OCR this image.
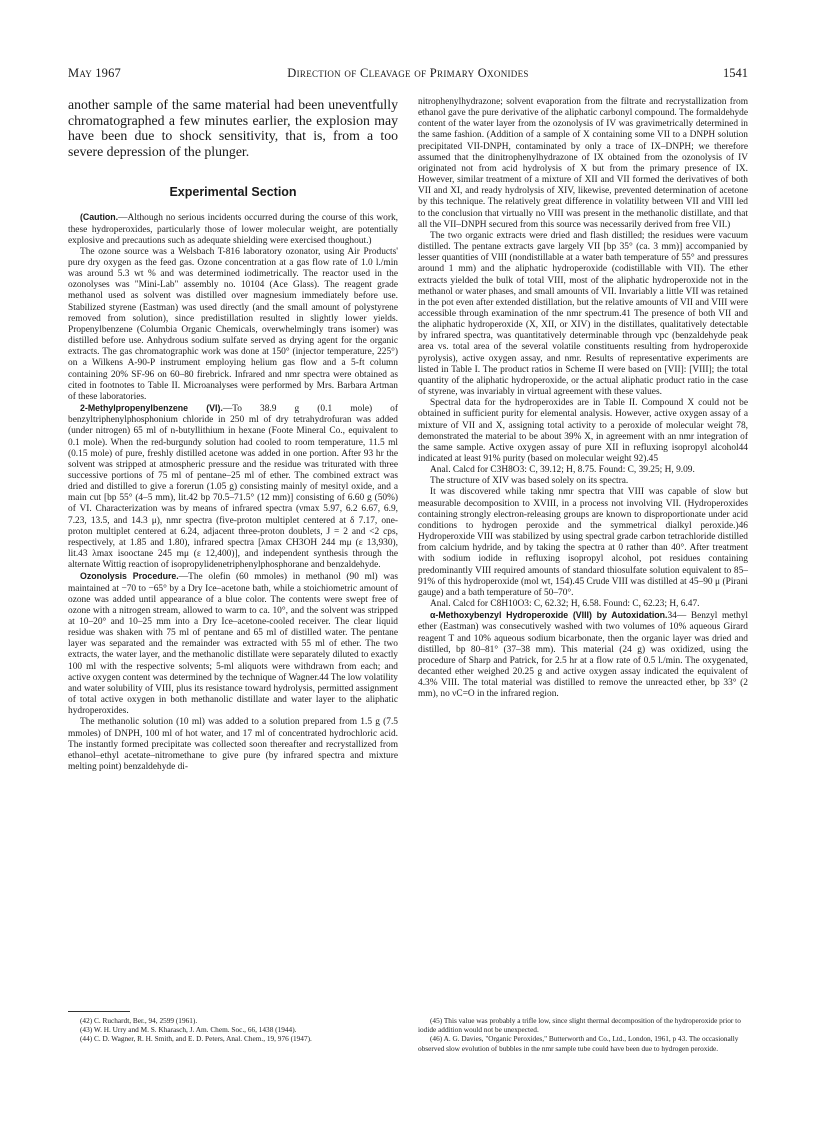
May 1967	Direction of Cleavage of Primary Oxonides	1541

another sample of the same material had been uneventfully chromatographed a few minutes earlier, the explosion may have been due to shock sensitivity, that is, from a too severe depression of the plunger.

Experimental Section

(Caution.—Although no serious incidents occurred during the course of this work, these hydroperoxides, particularly those of lower molecular weight, are potentially explosive and precautions such as adequate shielding were exercised thoughout.)

The ozone source was a Welsbach T-816 laboratory ozonator, using Air Products' pure dry oxygen as the feed gas. Ozone concentration at a gas flow rate of 1.0 l./min was around 5.3 wt % and was determined iodimetrically. The reactor used in the ozonolyses was "Mini-Lab" assembly no. 10104 (Ace Glass). The reagent grade methanol used as solvent was distilled over magnesium immediately before use. Stabilized styrene (Eastman) was used directly (and the small amount of polystyrene removed from solution), since predistillation resulted in slightly lower yields. Propenylbenzene (Columbia Organic Chemicals, overwhelmingly trans isomer) was distilled before use. Anhydrous sodium sulfate served as drying agent for the organic extracts. The gas chromatographic work was done at 150° (injector temperature, 225°) on a Wilkens A-90-P instrument employing helium gas flow and a 5-ft column containing 20% SF-96 on 60–80 firebrick. Infrared and nmr spectra were obtained as cited in footnotes to Table II. Microanalyses were performed by Mrs. Barbara Artman of these laboratories.

2-Methylpropenylbenzene (VI).—To 38.9 g (0.1 mole) of benzyltriphenylphosphonium chloride in 250 ml of dry tetrahydrofuran was added (under nitrogen) 65 ml of n-butyllithium in hexane (Foote Mineral Co., equivalent to 0.1 mole). When the red-burgundy solution had cooled to room temperature, 11.5 ml (0.15 mole) of pure, freshly distilled acetone was added in one portion. After 93 hr the solvent was stripped at atmospheric pressure and the residue was triturated with three successive portions of 75 ml of pentane–25 ml of ether. The combined extract was dried and distilled to give a forerun (1.05 g) consisting mainly of mesityl oxide, and a main cut [bp 55° (4–5 mm), lit.42 bp 70.5–71.5° (12 mm)] consisting of 6.60 g (50%) of VI. Characterization was by means of infrared spectra (νmax 5.97, 6.2 6.67, 6.9, 7.23, 13.5, and 14.3 μ), nmr spectra (five-proton multiplet centered at δ 7.17, one-proton multiplet centered at 6.24, adjacent three-proton doublets, J = 2 and <2 cps, respectively, at 1.85 and 1.80), infrared spectra [λmax CH3OH 244 mμ (ε 13,930), lit.43 λmax isooctane 245 mμ (ε 12,400)], and independent synthesis through the alternate Wittig reaction of isopropylidenetriphenylphosphorane and benzaldehyde.

Ozonolysis Procedure.—The olefin (60 mmoles) in methanol (90 ml) was maintained at −70 to −65° by a Dry Ice–acetone bath, while a stoichiometric amount of ozone was added until appearance of a blue color. The contents were swept free of ozone with a nitrogen stream, allowed to warm to ca. 10°, and the solvent was stripped at 10–20° and 10–25 mm into a Dry Ice–acetone-cooled receiver. The clear liquid residue was shaken with 75 ml of pentane and 65 ml of distilled water. The pentane layer was separated and the remainder was extracted with 55 ml of ether. The two extracts, the water layer, and the methanolic distillate were separately diluted to exactly 100 ml with the respective solvents; 5-ml aliquots were withdrawn from each; and active oxygen content was determined by the technique of Wagner.44 The low volatility and water solubility of VIII, plus its resistance toward hydrolysis, permitted assignment of total active oxygen in both methanolic distillate and water layer to the aliphatic hydroperoxides.

The methanolic solution (10 ml) was added to a solution prepared from 1.5 g (7.5 mmoles) of DNPH, 100 ml of hot water, and 17 ml of concentrated hydrochloric acid. The instantly formed precipitate was collected soon thereafter and recrystallized from ethanol–ethyl acetate–nitromethane to give pure (by infrared spectra and mixture melting point) benzaldehyde di-

nitrophenylhydrazone; solvent evaporation from the filtrate and recrystallization from ethanol gave the pure derivative of the aliphatic carbonyl compound. The formaldehyde content of the water layer from the ozonolysis of IV was gravimetrically determined in the same fashion. (Addition of a sample of X containing some VII to a DNPH solution precipitated VII-DNPH, contaminated by only a trace of IX–DNPH; we therefore assumed that the dinitrophenylhydrazone of IX obtained from the ozonolysis of IV originated not from acid hydrolysis of X but from the primary presence of IX. However, similar treatment of a mixture of XII and VII formed the derivatives of both VII and XI, and ready hydrolysis of XIV, likewise, prevented determination of acetone by this technique. The relatively great difference in volatility between VII and VIII led to the conclusion that virtually no VIII was present in the methanolic distillate, and that all the VII–DNPH secured from this source was necessarily derived from free VII.)

The two organic extracts were dried and flash distilled; the residues were vacuum distilled. The pentane extracts gave largely VII [bp 35° (ca. 3 mm)] accompanied by lesser quantities of VIII (nondistillable at a water bath temperature of 55° and pressures around 1 mm) and the aliphatic hydroperoxide (codistillable with VII). The ether extracts yielded the bulk of total VIII, most of the aliphatic hydroperoxide not in the methanol or water phases, and small amounts of VII. Invariably a little VII was retained in the pot even after extended distillation, but the relative amounts of VII and VIII were accessible through examination of the nmr spectrum.41 The presence of both VII and the aliphatic hydroperoxide (X, XII, or XIV) in the distillates, qualitatively detectable by infrared spectra, was quantitatively determinable through vpc (benzaldehyde peak area vs. total area of the several volatile constituents resulting from hydroperoxide pyrolysis), active oxygen assay, and nmr. Results of representative experiments are listed in Table I. The product ratios in Scheme II were based on [VII]: [VIII]; the total quantity of the aliphatic hydroperoxide, or the actual aliphatic product ratio in the case of styrene, was invariably in virtual agreement with these values.

Spectral data for the hydroperoxides are in Table II. Compound X could not be obtained in sufficient purity for elemental analysis. However, active oxygen assay of a mixture of VII and X, assigning total activity to a peroxide of molecular weight 78, demonstrated the material to be about 39% X, in agreement with an nmr integration of the same sample. Active oxygen assay of pure XII in refluxing isopropyl alcohol44 indicated at least 91% purity (based on molecular weight 92).45

Anal. Calcd for C3H8O3: C, 39.12; H, 8.75. Found: C, 39.25; H, 9.09.

The structure of XIV was based solely on its spectra.

It was discovered while taking nmr spectra that VIII was capable of slow but measurable decomposition to XVIII, in a process not involving VII. (Hydroperoxides containing strongly electron-releasing groups are known to disproportionate under acid conditions to hydrogen peroxide and the symmetrical dialkyl peroxide.)46 Hydroperoxide VIII was stabilized by using spectral grade carbon tetrachloride distilled from calcium hydride, and by taking the spectra at 0 rather than 40°. After treatment with sodium iodide in refluxing isopropyl alcohol, pot residues containing predominantly VIII required amounts of standard thiosulfate solution equivalent to 85–91% of this hydroperoxide (mol wt, 154).45 Crude VIII was distilled at 45–90 μ (Pirani gauge) and a bath temperature of 50–70°.

Anal. Calcd for C8H10O3: C, 62.32; H, 6.58. Found: C, 62.23; H, 6.47.

α-Methoxybenzyl Hydroperoxide (VIII) by Autoxidation.34— Benzyl methyl ether (Eastman) was consecutively washed with two volumes of 10% aqueous Girard reagent T and 10% aqueous sodium bicarbonate, then the organic layer was dried and distilled, bp 80–81° (37–38 mm). This material (24 g) was oxidized, using the procedure of Sharp and Patrick, for 2.5 hr at a flow rate of 0.5 l./min. The oxygenated, decanted ether weighed 20.25 g and active oxygen assay indicated the equivalent of 4.3% VIII. The total material was distilled to remove the unreacted ether, bp 33° (2 mm), no νC=O in the infrared region.

(42) C. Ruchardt, Ber., 94, 2599 (1961).

(43) W. H. Urry and M. S. Kharasch, J. Am. Chem. Soc., 66, 1438 (1944).

(44) C. D. Wagner, R. H. Smith, and E. D. Peters, Anal. Chem., 19, 976 (1947).

(45) This value was probably a trifle low, since slight thermal decomposition of the hydroperoxide prior to iodide addition would not be unexpected.

(46) A. G. Davies, "Organic Peroxides," Butterworth and Co., Ltd., London, 1961, p 43. The occasionally observed slow evolution of bubbles in the nmr sample tube could have been due to hydrogen peroxide.
